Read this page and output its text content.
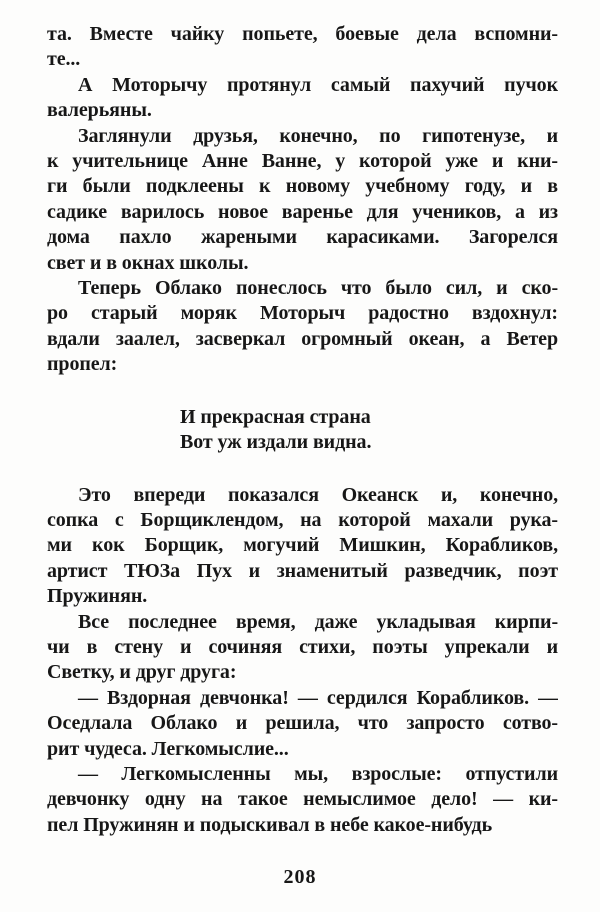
та. Вместе чайку попьете, боевые дела вспомни-
те...
А Моторычу протянул самый пахучий пучок
валерьяны.
Заглянули друзья, конечно, по гипотенузе, и
к учительнице Анне Ванне, у которой уже и кни-
ги были подклеены к новому учебному году, и в
садике варилось новое варенье для учеников, а из
дома пахло жареными карасиками. Загорелся
свет и в окнах школы.
Теперь Облако понеслось что было сил, и ско-
ро старый моряк Моторыч радостно вздохнул:
вдали заалел, засверкал огромный океан, а Ветер
пропел:
И прекрасная страна
Вот уж издали видна.
Это впереди показался Океанск и, конечно,
сопка с Борщиклендом, на которой махали рука-
ми кок Борщик, могучий Мишкин, Корабликов,
артист ТЮЗа Пух и знаменитый разведчик, поэт
Пружинян.
Все последнее время, даже укладывая кирпи-
чи в стену и сочиняя стихи, поэты упрекали и
Светку, и друг друга:
— Вздорная девчонка! — сердился Корабликов. —
Оседлала Облако и решила, что запросто сотво-
рит чудеса. Легкомыслие...
— Легкомысленны мы, взрослые: отпустили
девчонку одну на такое немыслимое дело! — ки-
пел Пружинян и подыскивал в небе какое-нибудь
208
